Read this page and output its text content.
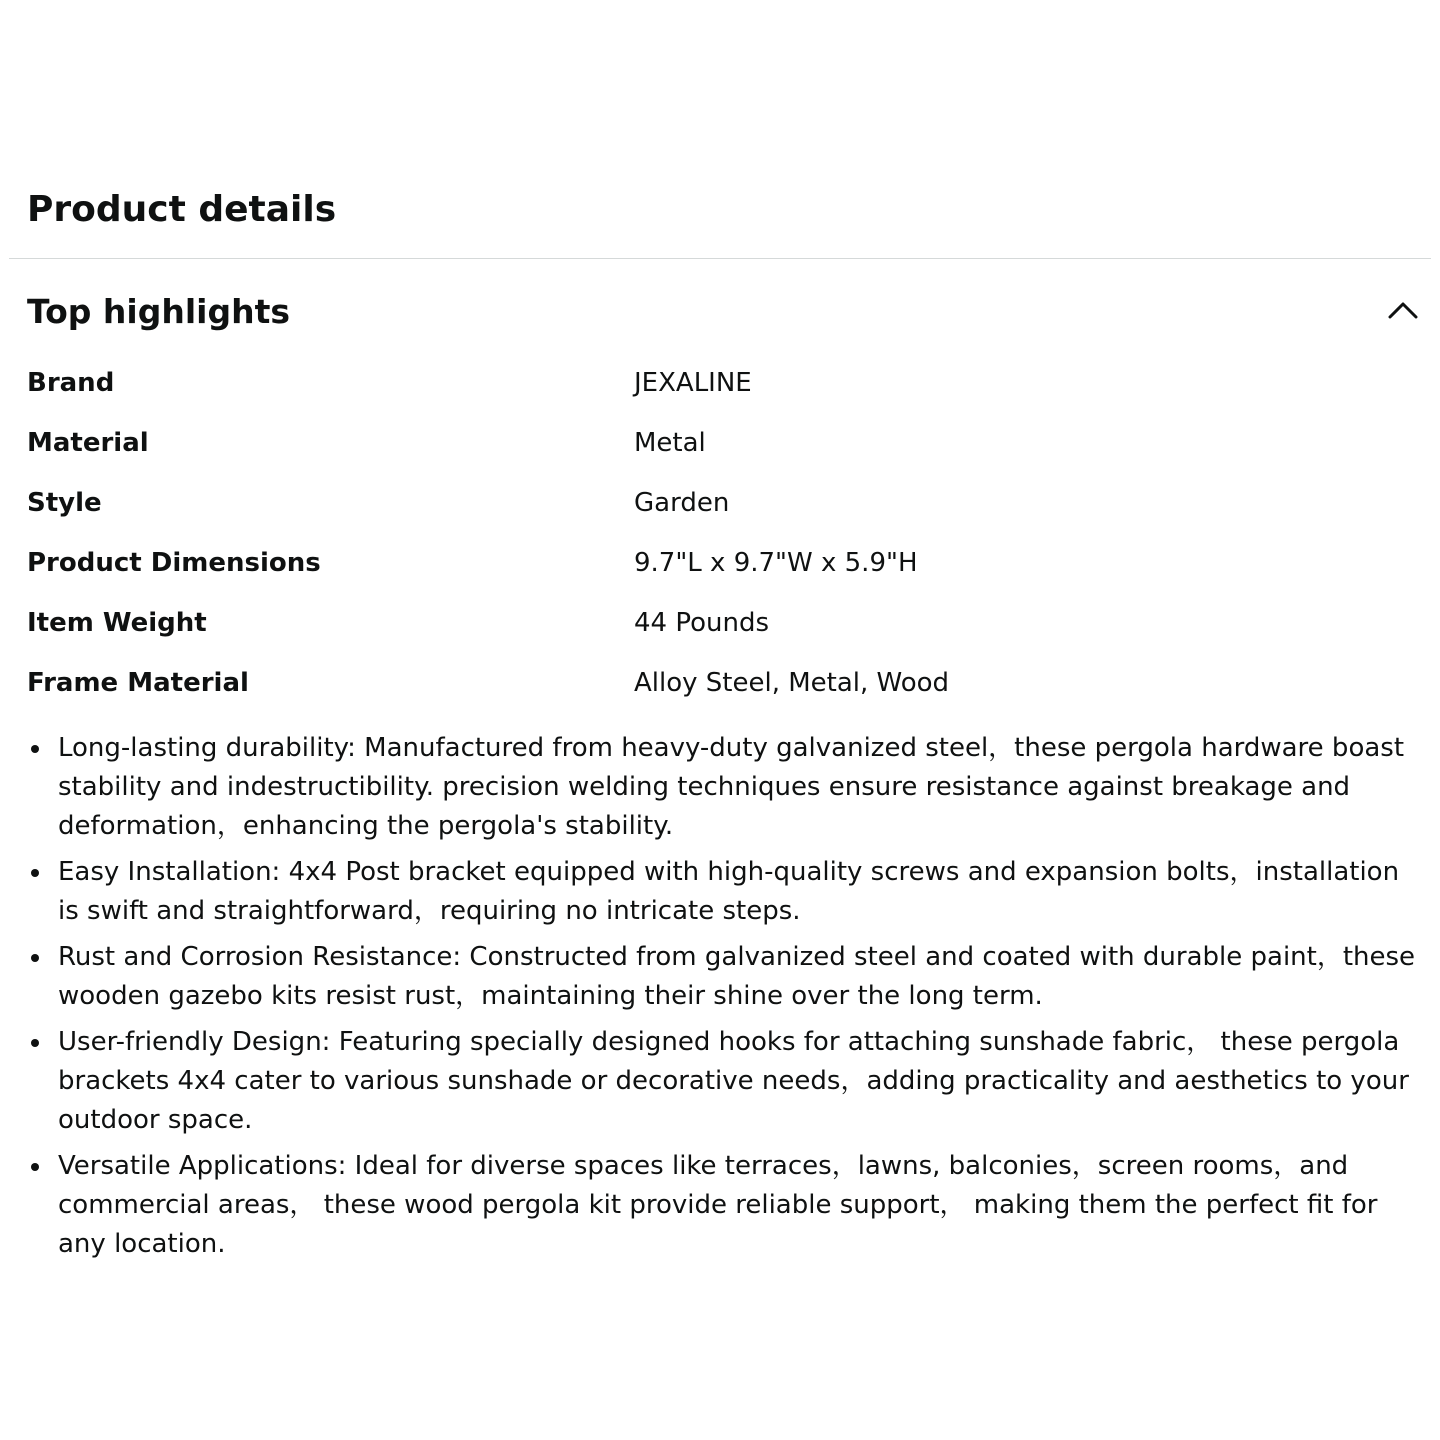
Product details
Top highlights
Brand	JEXALINE
Material	Metal
Style	Garden
Product Dimensions	9.7"L x 9.7"W x 5.9"H
Item Weight	44 Pounds
Frame Material	Alloy Steel, Metal, Wood
Long-lasting durability: Manufactured from heavy-duty galvanized steel，these pergola hardware boast stability and indestructibility. precision welding techniques ensure resistance against breakage and deformation，enhancing the pergola's stability.
Easy Installation: 4x4 Post bracket equipped with high-quality screws and expansion bolts，installation is swift and straightforward，requiring no intricate steps.
Rust and Corrosion Resistance: Constructed from galvanized steel and coated with durable paint，these wooden gazebo kits resist rust，maintaining their shine over the long term.
User-friendly Design: Featuring specially designed hooks for attaching sunshade fabric， these pergola brackets 4x4 cater to various sunshade or decorative needs，adding practicality and aesthetics to your outdoor space.
Versatile Applications: Ideal for diverse spaces like terraces，lawns, balconies，screen rooms，and commercial areas， these wood pergola kit provide reliable support， making them the perfect fit for any location.
